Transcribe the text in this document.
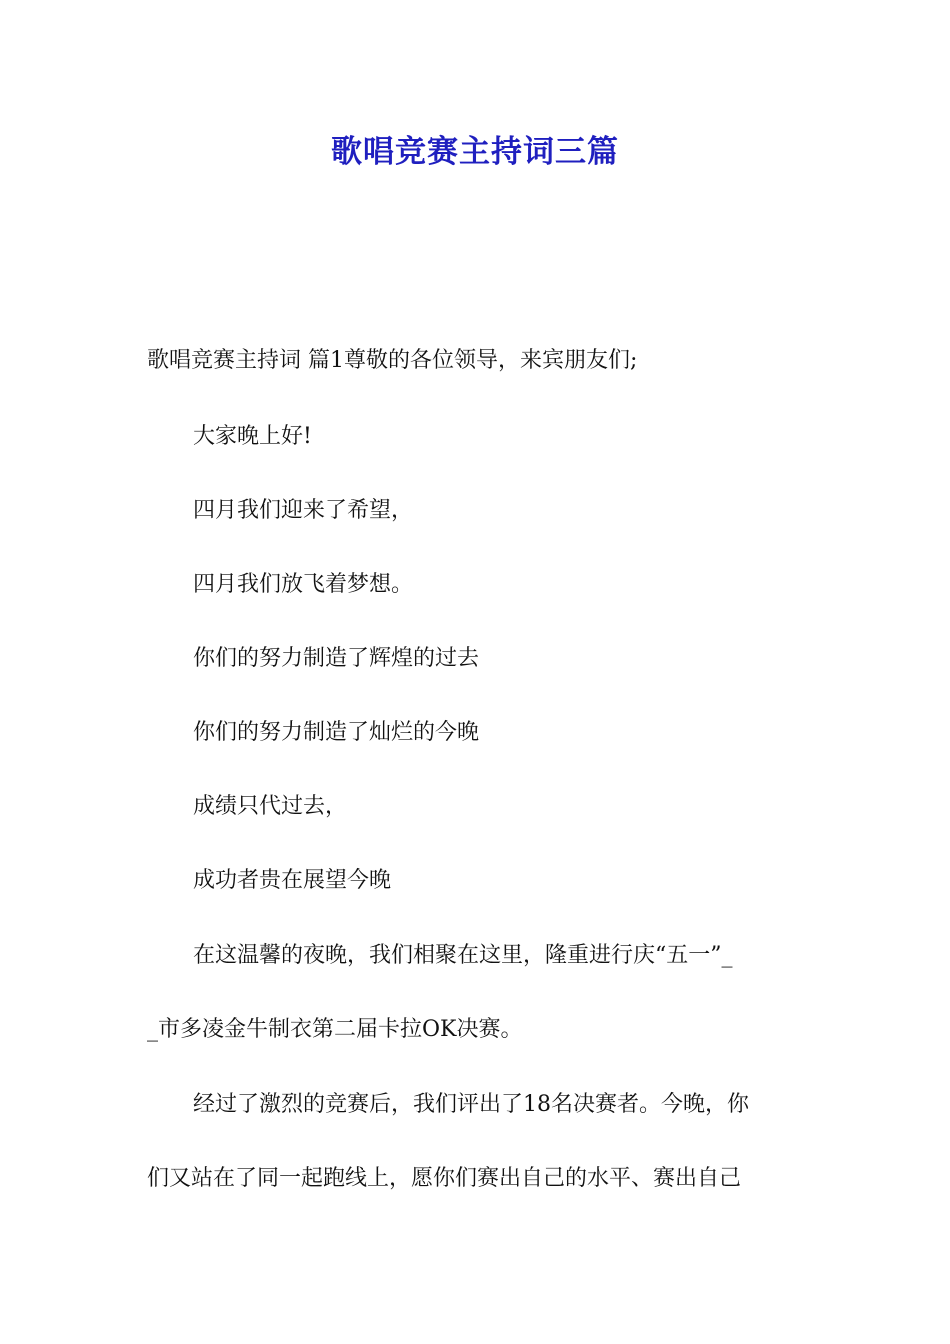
歌唱竞赛主持词三篇
歌唱竞赛主持词 篇1尊敬的各位领导，来宾朋友们;
大家晚上好!
四月我们迎来了希望，
四月我们放飞着梦想。
你们的努力制造了辉煌的过去
你们的努力制造了灿烂的今晚
成绩只代过去，
成功者贵在展望今晚
在这温馨的夜晚，我们相聚在这里，隆重进行庆“五一”_
_市多凌金牛制衣第二届卡拉OK决赛。
经过了激烈的竞赛后，我们评出了18名决赛者。今晚，你
们又站在了同一起跑线上，愿你们赛出自己的水平、赛出自己
